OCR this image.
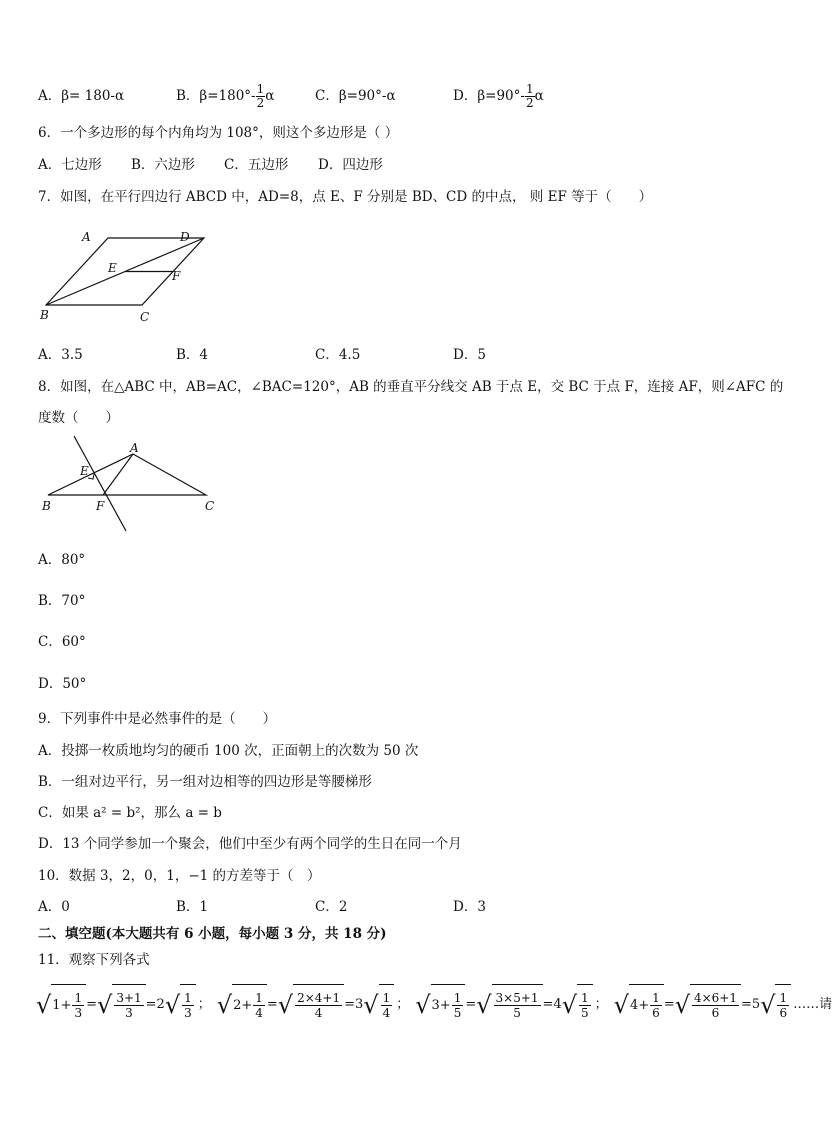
A．β= 180-α	B．$\beta=180^\circ- \frac{1}{2}$ α	C．β=90°-α	D．$\beta=90^\circ- \frac{1}{2}$ α
6．一个多边形的每个内角均为 108°，则这个多边形是（ ）
A．七边形 B．六边形 C．五边形 D．四边形
7．如图，在平行四边行 ABCD 中，AD=8，点 E、F 分别是 BD、CD 的中点， 则 EF 等于（　　）
A	D
E
F
B	C
A．3.5	B．4	C．4.5	D．5
8．如图，在△ABC 中，AB=AC，∠BAC=120°，AB 的垂直平分线交 AB 于点 E，交 BC 于点 F，连接 AF，则∠AFC 的
度数（　　）
A
E
B	F	C
A．80°
B．70°
C．60°
D．50°
9．下列事件中是必然事件的是（　　）
A．投掷一枚质地均匀的硬币 100 次，正面朝上的次数为 50 次
B．一组对边平行，另一组对边相等的四边形是等腰梯形
C．如果 a² = b²，那么 a = b
D．13 个同学参加一个聚会，他们中至少有两个同学的生日在同一个月
10．数据 3，2，0，1，−1 的方差等于（　）
A．0	B．1	C．2	D．3
二、填空题(本大题共有 6 小题，每小题 3 分，共 18 分)
11．观察下列各式
$√1+ \frac{1}{3}$ =√ $\frac{3+1}{3} =2√ \frac{1}{3}$ ； $√2+ \frac{1}{4}$ =√ $\frac{2\times 4+1}{4} =3√ \frac{1}{4}$ ； $√3+ \frac{1}{5}$ =√ $\frac{3\times 5+1}{5} =4√ \frac{1}{5}$ ； $√4+ \frac{1}{6}$ =√ $\frac{4\times 6+1}{6} =5√ \frac{1}{6}$ ……请
